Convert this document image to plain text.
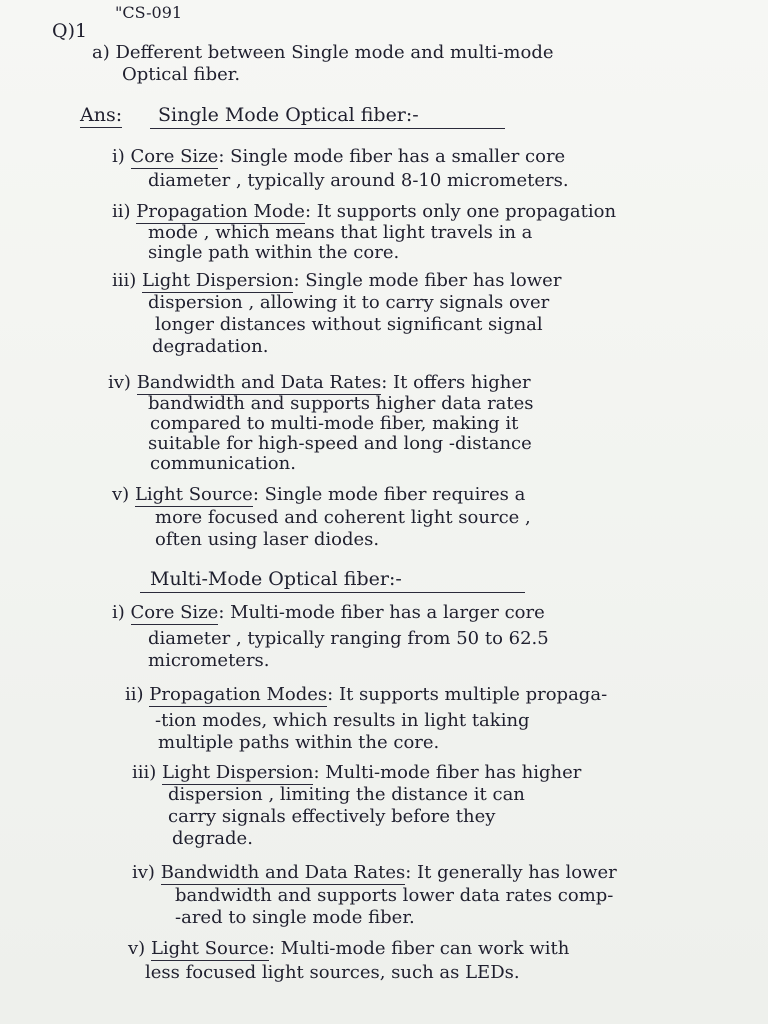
"CS-091
Q)1
a) Defferent between Single mode and multi-mode
Optical fiber.
Ans: Single Mode Optical fiber:-
i) Core Size: Single mode fiber has a smaller core
diameter , typically around 8-10 micrometers.
ii) Propagation Mode: It supports only one propagation
mode , which means that light travels in a
single path within the core.
iii) Light Dispersion: Single mode fiber has lower
dispersion , allowing it to carry signals over
longer distances without significant signal
degradation.
iv) Bandwidth and Data Rates: It offers higher
bandwidth and supports higher data rates
compared to multi-mode fiber, making it
suitable for high-speed and long -distance
communication.
v) Light Source: Single mode fiber requires a
more focused and coherent light source ,
often using laser diodes.
Multi-Mode Optical fiber:-
i) Core Size: Multi-mode fiber has a larger core
diameter , typically ranging from 50 to 62.5
micrometers.
ii) Propagation Modes: It supports multiple propaga-
-tion modes, which results in light taking
multiple paths within the core.
iii) Light Dispersion: Multi-mode fiber has higher
dispersion , limiting the distance it can
carry signals effectively before they
degrade.
iv) Bandwidth and Data Rates: It generally has lower
bandwidth and supports lower data rates comp-
-ared to single mode fiber.
v) Light Source: Multi-mode fiber can work with
less focused light sources, such as LEDs.
